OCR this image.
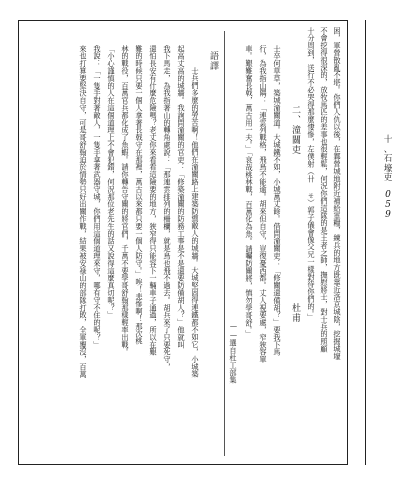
困，軍營散亂不堪。你們人仇以後，在鄴營城地附近補給軍糧，練兵的地方既靠近洛京城陰，挖掘城壕
不會挖得很深的，放牧馬匹的差事也很輕鬆，何況你們這隊的是王者之師，撫慰將士，對士兵的照顧
十分周到，送行不必哭得那麼悽慘，左僕射（卄 ㄝ）郭子儀會像父兄一樣對待你們的。」
二、潼關吏
杜甫
士卒何草草，築城潼關道。大城鐵不如，小城萬丈餘。借問潼關吏：「修關還備胡？」要我下馬
行，為我指山隅：「連雲列戰格，飛鳥不能逾。胡來但自守，豈復憂西都。丈人視要處，窄狹容單
車。艱難奮長戟，萬古用一夫。」「哀哉桃林戰，百萬化為魚。請囑防關將，慎勿學哥舒。」
——選自杜工部集
語譯
士兵們多麼的勞苦啊！他們在潼關路上建築防禦敵人的城牆。大城堅固得連鐵都不如它，小城築
起高丈高的城牆。我詢問潼關的官吏：「修築潼關的防務工事是不是還要防備胡人？」他就叫
我下馬走，為我指著山的轉角處說：「那連雲排列的柵欄，就是鳥也飛不過去。胡兵來了只要死守，
還怕長安有什麼危險嗎？老丈你來看看這險要的地方，狹窄得只能容下一輛車子通過，所以在艱
難的時候只要一個人拿著長戟守在那裡，萬古以來都只要一個人防守。」唉！悲慘啊！那次桃
林的戰役，百萬官兵都化成了魚蝦。請你轉告守關的將官們，千萬不要學哥舒翰那樣輕率出戰。
「小心謹慎的人在這個道理上不會犯錯，何況那位老先生的話又說得這麼真切呢？」
我說：「一隻手對著敵人，一隻手拿著武器守城，你們用這個道理來守，哪有守不住的呢？」
來也打算要堅決自守，可是哥舒翰迫於情勢只好出關作戰，結果被安祿山的部隊打敗，全軍覆沒，百萬	十
、
石
壕
吏
0
5
9
